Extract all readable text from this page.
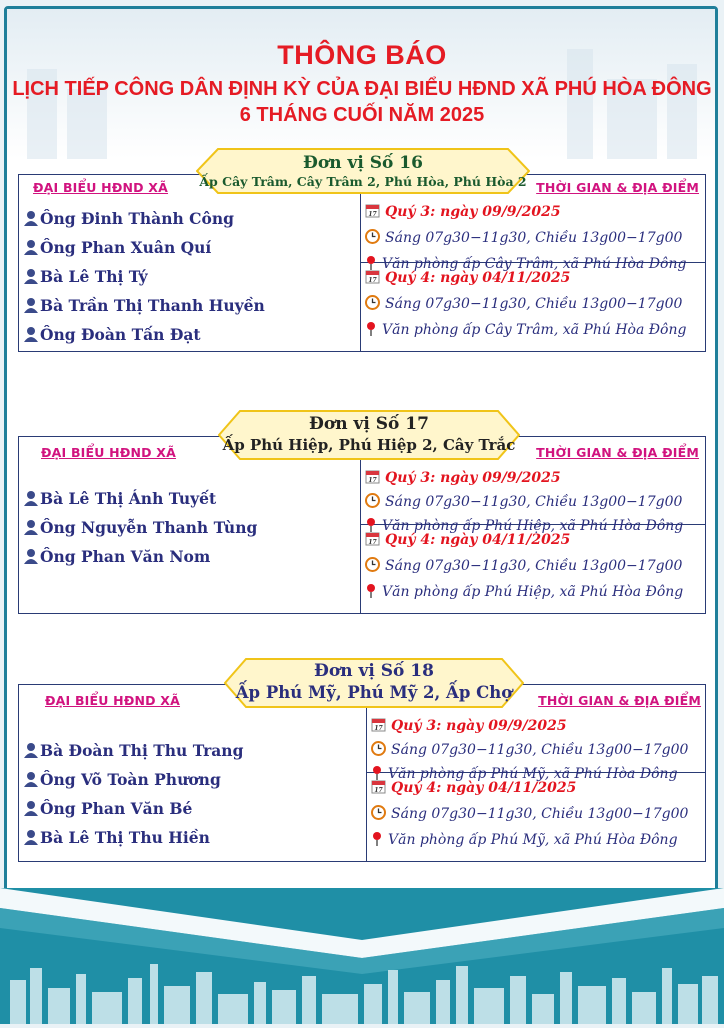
THÔNG BÁO
LỊCH TIẾP CÔNG DÂN ĐỊNH KỲ CỦA ĐẠI BIỂU HĐND XÃ PHÚ HÒA ĐÔNG
6 THÁNG CUỐI NĂM 2025
ĐẠI BIỂU HĐND XÃ
Ông Đinh Thành Công
Ông Phan Xuân Quí
Bà Lê Thị Tý
Bà Trần Thị Thanh Huyền
Ông Đoàn Tấn Đạt
THỜI GIAN & ĐỊA ĐIỂM
17 Quý 3: ngày 09/9/2025
Sáng 07g30−11g30, Chiều 13g00−17g00
Văn phòng ấp Cây Trâm, xã Phú Hòa Đông
17 Quý 4: ngày 04/11/2025
Sáng 07g30−11g30, Chiều 13g00−17g00
Văn phòng ấp Cây Trâm, xã Phú Hòa Đông
Đơn vị Số 16
Ấp Cây Trâm, Cây Trâm 2, Phú Hòa, Phú Hòa 2
ĐẠI BIỂU HĐND XÃ
Bà Lê Thị Ánh Tuyết
Ông Nguyễn Thanh Tùng
Ông Phan Văn Nom
THỜI GIAN & ĐỊA ĐIỂM
17 Quý 3: ngày 09/9/2025
Sáng 07g30−11g30, Chiều 13g00−17g00
Văn phòng ấp Phú Hiệp, xã Phú Hòa Đông
17 Quý 4: ngày 04/11/2025
Sáng 07g30−11g30, Chiều 13g00−17g00
Văn phòng ấp Phú Hiệp, xã Phú Hòa Đông
Đơn vị Số 17
Ấp Phú Hiệp, Phú Hiệp 2, Cây Trắc
ĐẠI BIỂU HĐND XÃ
Bà Đoàn Thị Thu Trang
Ông Võ Toàn Phương
Ông Phan Văn Bé
Bà Lê Thị Thu Hiền
THỜI GIAN & ĐỊA ĐIỂM
17 Quý 3: ngày 09/9/2025
Sáng 07g30−11g30, Chiều 13g00−17g00
Văn phòng ấp Phú Mỹ, xã Phú Hòa Đông
17 Quý 4: ngày 04/11/2025
Sáng 07g30−11g30, Chiều 13g00−17g00
Văn phòng ấp Phú Mỹ, xã Phú Hòa Đông
Đơn vị Số 18
Ấp Phú Mỹ, Phú Mỹ 2, Ấp Chợ
